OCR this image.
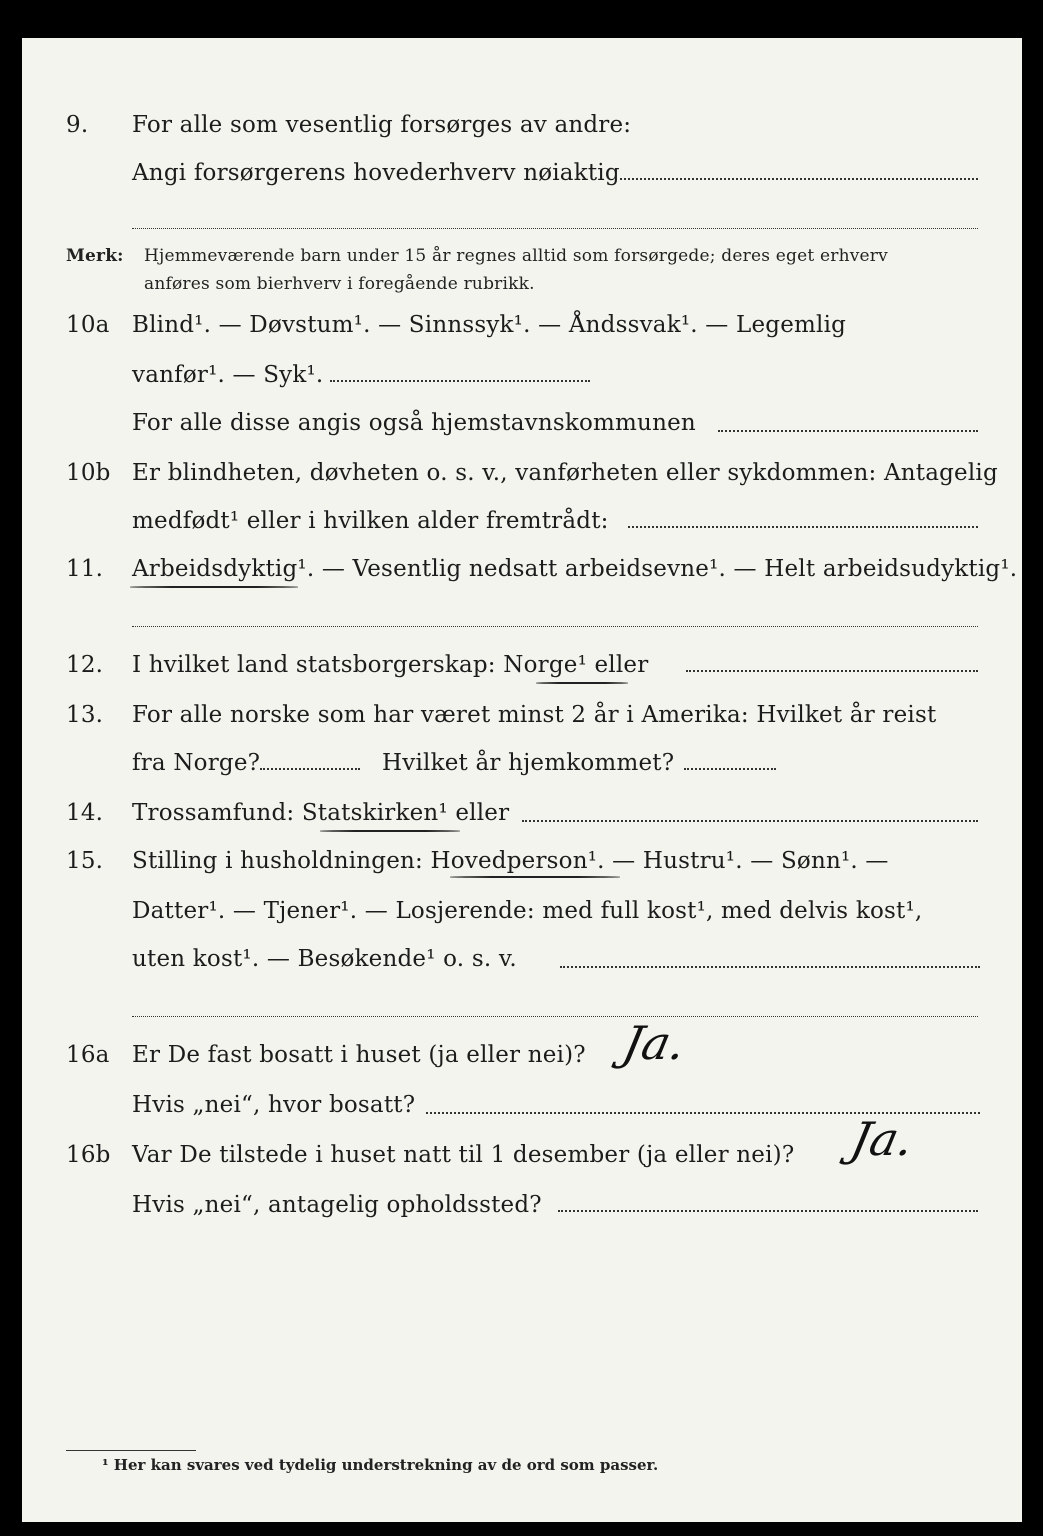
9. For alle som vesentlig forsørges av andre:
Angi forsørgerens hovederhverv nøiaktig
Merk: Hjemmeværende barn under 15 år regnes alltid som forsørgede; deres eget erhverv
anføres som bierhverv i foregående rubrikk.
10a Blind¹. — Døvstum¹. — Sinnssyk¹. — Åndssvak¹. — Legemlig
vanfør¹. — Syk¹.
For alle disse angis også hjemstavnskommunen
10b Er blindheten, døvheten o. s. v., vanførheten eller sykdommen: Antagelig
medfødt¹ eller i hvilken alder fremtrådt:
11. Arbeidsdyktig¹. — Vesentlig nedsatt arbeidsevne¹. — Helt arbeidsudyktig¹.
12. I hvilket land statsborgerskap: Norge¹ eller
13. For alle norske som har været minst 2 år i Amerika: Hvilket år reist
fra Norge?	Hvilket år hjemkommet?
14. Trossamfund: Statskirken¹ eller
15. Stilling i husholdningen: Hovedperson¹. — Hustru¹. — Sønn¹. —
Datter¹. — Tjener¹. — Losjerende: med full kost¹, med delvis kost¹,
uten kost¹. — Besøkende¹ o. s. v.
16a Er De fast bosatt i huset (ja eller nei)? Ja.
Hvis „nei“, hvor bosatt?
16b Var De tilstede i huset natt til 1 desember (ja eller nei)? Ja.
Hvis „nei“, antagelig opholdssted?
¹ Her kan svares ved tydelig understrekning av de ord som passer.
